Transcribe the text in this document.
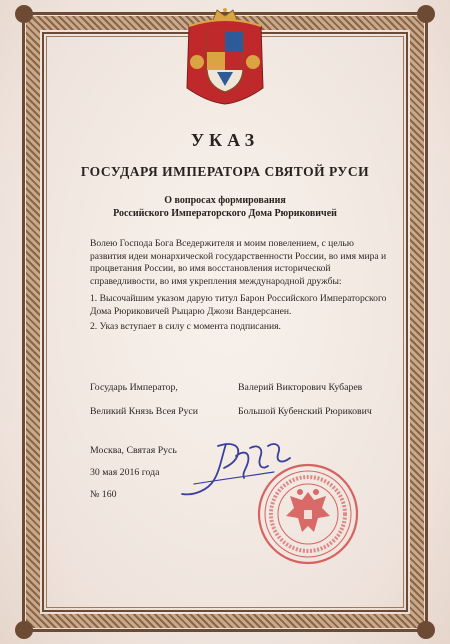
УКАЗ
ГОСУДАРЯ ИМПЕРАТОРА СВЯТОЙ РУСИ
О вопросах формирования
Российского Императорского Дома Рюриковичей
Волею Господа Бога Вседержителя и моим повелением, с целью развития идеи монархической государственности России, во имя мира и процветания России, во имя восстановления исторической справедливости, во имя укрепления международной дружбы:
1. Высочайшим указом дарую титул Барон Российского Императорского Дома Рюриковичей Рыцарю Джози Вандерсанен.
2. Указ вступает в силу с момента подписания.
Государь Император,
Великий Князь Всея Руси
Валерий Викторович Кубарев
Большой Кубенский Рюрикович
Москва, Святая Русь
30 мая 2016 года
№ 160
